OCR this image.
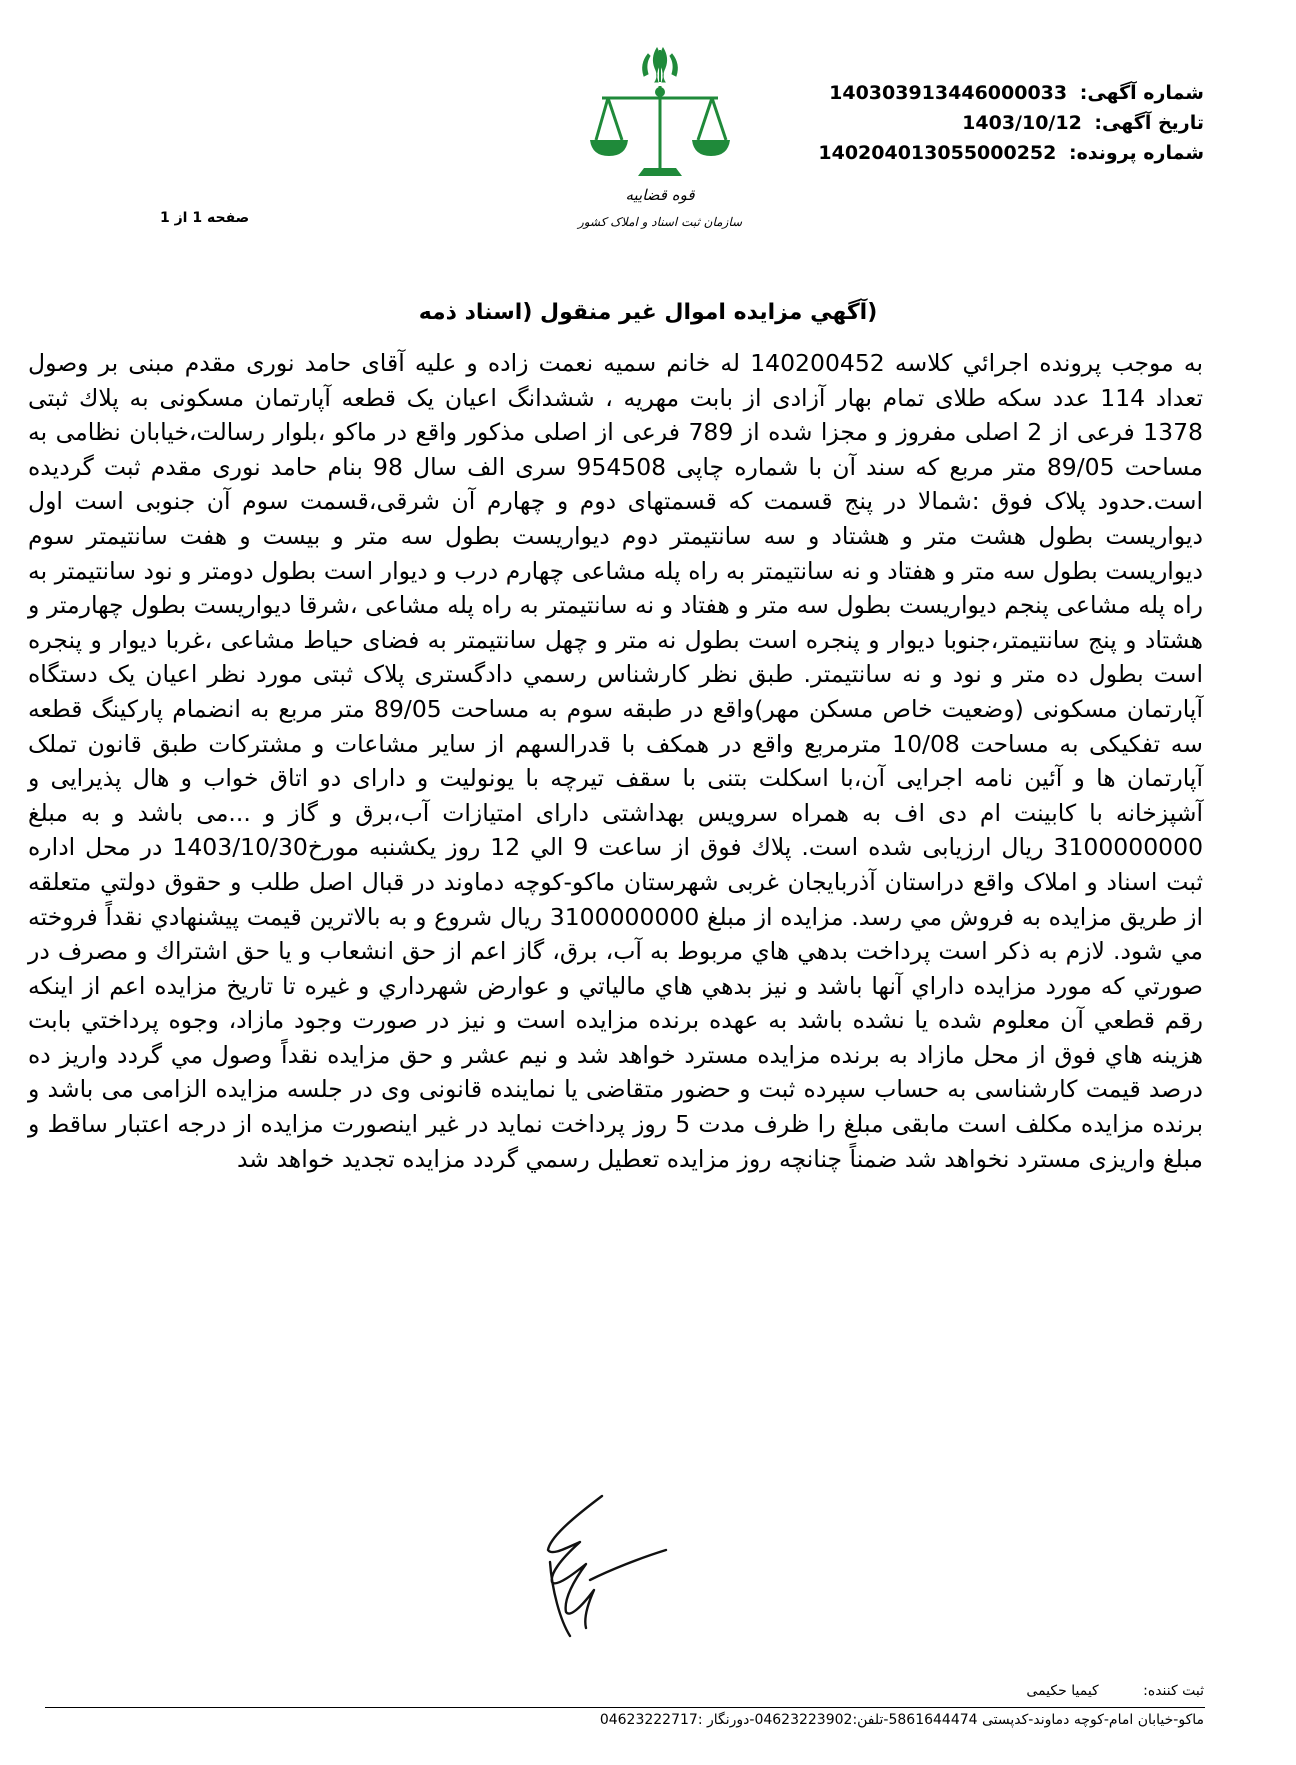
شماره آگهی: 140303913446000033
تاریخ آگهی: 1403/10/12
شماره پرونده: 140204013055000252
قوه قضاییه
سازمان ثبت اسناد و املاک کشور
صفحه 1 از 1
(آگهي مزايده اموال غير منقول (اسناد ذمه
به موجب پرونده اجرائي كلاسه 140200452 له خانم سمیه نعمت زاده و علیه آقای حامد نوری مقدم مبنی بر وصول تعداد 114 عدد سکه طلای تمام بهار آزادی از بابت مهریه ، ششدانگ اعیان یک قطعه آپارتمان مسکونی به پلاك ثبتی 1378 فرعی از 2 اصلی مفروز و مجزا شده از 789 فرعی از اصلی مذکور واقع در ماکو ،بلوار رسالت،خیابان نظامی به مساحت 89/05 متر مربع که سند آن با شماره چاپی 954508 سری الف سال 98 بنام حامد نوری مقدم ثبت گردیده است.حدود پلاک فوق :شمالا در پنج قسمت که قسمتهای دوم و چهارم آن شرقی،قسمت سوم آن جنوبی است اول دیواریست بطول هشت متر و هشتاد و سه سانتیمتر دوم دیواریست بطول سه متر و بیست و هفت سانتیمتر سوم دیواریست بطول سه متر و هفتاد و نه سانتیمتر به راه پله مشاعی چهارم درب و دیوار است بطول دومتر و نود سانتیمتر به راه پله مشاعی پنجم دیواریست بطول سه متر و هفتاد و نه سانتیمتر به راه پله مشاعی ،شرقا دیواریست بطول چهارمتر و هشتاد و پنج سانتیمتر،جنوبا دیوار و پنجره است بطول نه متر و چهل سانتیمتر به فضای حیاط مشاعی ،غربا دیوار و پنجره است بطول ده متر و نود و نه سانتیمتر. طبق نظر كارشناس رسمي دادگستری پلاک ثبتی مورد نظر اعیان یک دستگاه آپارتمان مسکونی (وضعیت خاص مسکن مهر)واقع در طبقه سوم به مساحت 89/05 متر مربع به انضمام پارکینگ قطعه سه تفکیکی به مساحت 10/08 مترمربع واقع در همکف با قدرالسهم از سایر مشاعات و مشترکات طبق قانون تملک آپارتمان ها و آئین نامه اجرایی آن،با اسکلت بتنی با سقف تیرچه با یونولیت و دارای دو اتاق خواب و هال پذیرایی و آشپزخانه با کابینت ام دی اف به همراه سرویس بهداشتی دارای امتیازات آب،برق و گاز و ...می باشد و به مبلغ 3100000000 ريال ارزيابی شده است. پلاك فوق از ساعت 9 الي 12 روز یکشنبه مورخ1403/10/30 در محل اداره ثبت اسناد و املاک واقع دراستان آذربايجان غربی شهرستان ماکو-کوچه دماوند در قبال اصل طلب و حقوق دولتي متعلقه از طريق مزايده به فروش مي رسد. مزايده از مبلغ 3100000000 ريال شروع و به بالاترين قيمت پيشنهادي نقداً فروخته مي شود. لازم به ذکر است پرداخت بدهي هاي مربوط به آب، برق، گاز اعم از حق انشعاب و يا حق اشتراك و مصرف در صورتي كه مورد مزايده داراي آنها باشد و نيز بدهي هاي مالياتي و عوارض شهرداري و غيره تا تاريخ مزايده اعم از اينكه رقم قطعي آن معلوم شده يا نشده باشد به عهده برنده مزايده است و نيز در صورت وجود مازاد، وجوه پرداختي بابت هزينه هاي فوق از محل مازاد به برنده مزايده مسترد خواهد شد و نيم عشر و حق مزايده نقداً وصول مي گردد واریز ده درصد قیمت کارشناسی به حساب سپرده ثبت و حضور متقاضی یا نماینده قانونی وی در جلسه مزایده الزامی می باشد و برنده مزایده مکلف است مابقی مبلغ را ظرف مدت 5 روز پرداخت نماید در غیر اینصورت مزایده از درجه اعتبار ساقط و مبلغ واریزی مسترد نخواهد شد ضمناً چنانچه روز مزایده تعطیل رسمي گردد مزایده تجدید خواهد شد
ثبت كننده: کیمیا حکیمی
ماکو-خیابان امام-کوچه دماوند-کدپستی 5861644474-تلفن:04623223902-دورنگار :04623222717
